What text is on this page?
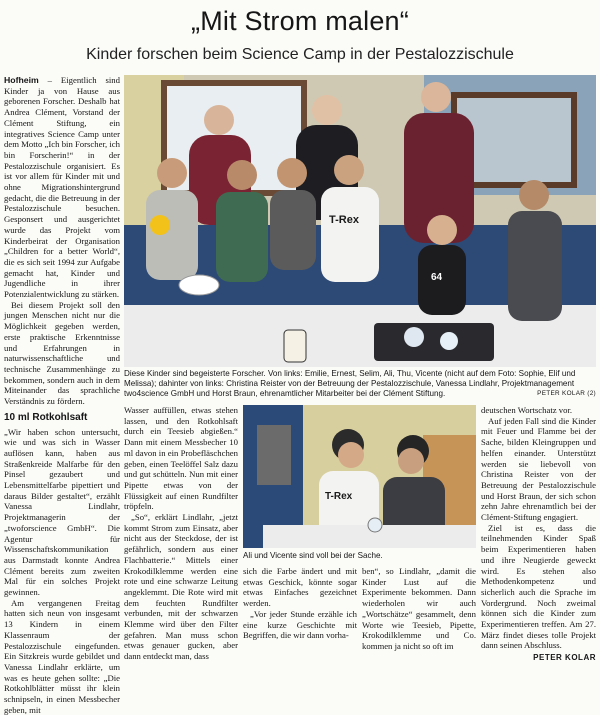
„Mit Strom malen“
Kinder forschen beim Science Camp in der Pestalozzischule

Hofheim – Eigentlich sind Kinder ja von Hause aus geborenen Forscher. Deshalb hat Andrea Clément, Vorstand der Clément Stiftung, ein integratives Science Camp unter dem Motto „Ich bin Forscher, ich bin Forscherin!“ in der Pestalozzischule organisiert. Es ist vor allem für Kinder mit und ohne Migrationshintergrund gedacht, die die Betreuung in der Pestalozzischule besuchen. Gesponsert und ausgerichtet wurde das Projekt vom Kinderbeirat der Organisation „Children for a better World“, die es sich seit 1994 zur Aufgabe gemacht hat, Kinder und Jugendliche in ihrer Potenzialentwicklung zu stärken.

Bei diesem Projekt soll den jungen Menschen nicht nur die Möglichkeit gegeben werden, erste praktische Erkenntnisse und Erfahrungen in naturwissenschaftliche und technische Zusammenhänge zu bekommen, sondern auch in dem Miteinander das sprachliche Verständnis zu fördern.

10 ml Rotkohlsaft

„Wir haben schon untersucht, wie und was sich in Wasser auflösen kann, haben aus Straßenkreide Malfarbe für den Pinsel gezaubert und Lebensmittelfarbe pipettiert und daraus Bilder gestaltet“, erzählt Vanessa Lindlahr, Projektmanagerin der „twoforscience GmbH“. Die Agentur für Wissenschaftskommunikation aus Darmstadt konnte Andrea Clément bereits zum zweiten Mal für ein solches Projekt gewinnen.

Am vergangenen Freitag hatten sich neun von insgesamt 13 Kindern in einem Klassenraum der Pestalozzischule eingefunden. Ein Sitzkreis wurde gebildet und Vanessa Lindlahr erklärte, um was es heute gehen sollte: „Die Rotkohlblätter müsst ihr klein schnipseln, in einen Messbecher geben, mit

T-Rex
64
Diese Kinder sind begeisterte Forscher. Von links: Emilie, Ernest, Selim, Ali, Thu, Vicente (nicht auf dem Foto: Sophie, Elif und Melissa); dahinter von links: Christina Reister von der Betreuung der Pestalozzischule, Vanessa Lindlahr, Projektmanagement two4science GmbH und Horst Braun, ehrenamtlicher Mitarbeiter bei der Clément Stiftung.	PETER KOLAR (2)

Wasser auffüllen, etwas stehen lassen, und den Rotkohlsaft durch ein Teesieb abgießen.“ Dann mit einem Messbecher 10 ml davon in ein Probefläschchen geben, einen Teelöffel Salz dazu und gut schütteln. Nun mit einer Pipette etwas von der Flüssigkeit auf einen Rundfilter tröpfeln.

„So“, erklärt Lindlahr, „jetzt kommt Strom zum Einsatz, aber nicht aus der Steckdose, der ist gefährlich, sondern aus einer Flachbatterie.“ Mittels einer Krokodilklemme werden eine rote und eine schwarze Leitung angeklemmt. Die Rote wird mit dem feuchten Rundfilter verbunden, mit der schwarzen Klemme wird über den Filter gefahren. Man muss schon etwas genauer gucken, aber dann entdeckt man, dass

T-Rex
Ali und Vicente sind voll bei der Sache.

deutschen Wortschatz vor.

Auf jeden Fall sind die Kinder mit Feuer und Flamme bei der Sache, bilden Kleingruppen und helfen einander. Unterstützt werden sie liebevoll von Christina Reister von der Betreuung der Pestalozzischule und Horst Braun, der sich schon zehn Jahre ehrenamtlich bei der Clément-Stiftung engagiert.

Ziel ist es, dass die teilnehmenden Kinder Spaß beim Experimentieren haben und ihre Neugierde geweckt wird. Es stehen also Methodenkompetenz und sicherlich auch die Sprache im Vordergrund. Noch zweimal können sich die Kinder zum Experimentieren treffen. Am 27. März findet dieses tolle Projekt dann seinen Abschluss.

PETER KOLAR

sich die Farbe ändert und mit etwas Geschick, könnte sogar etwas Einfaches gezeichnet werden.

„Vor jeder Stunde erzähle ich eine kurze Geschichte mit Begriffen, die wir dann vorha-

ben“, so Lindlahr, „damit die Kinder Lust auf die Experimente bekommen. Dann wiederholen wir auch „Wortschätze“ gesammelt, denn Worte wie Teesieb, Pipette, Krokodilklemme und Co. kommen ja nicht so oft im
